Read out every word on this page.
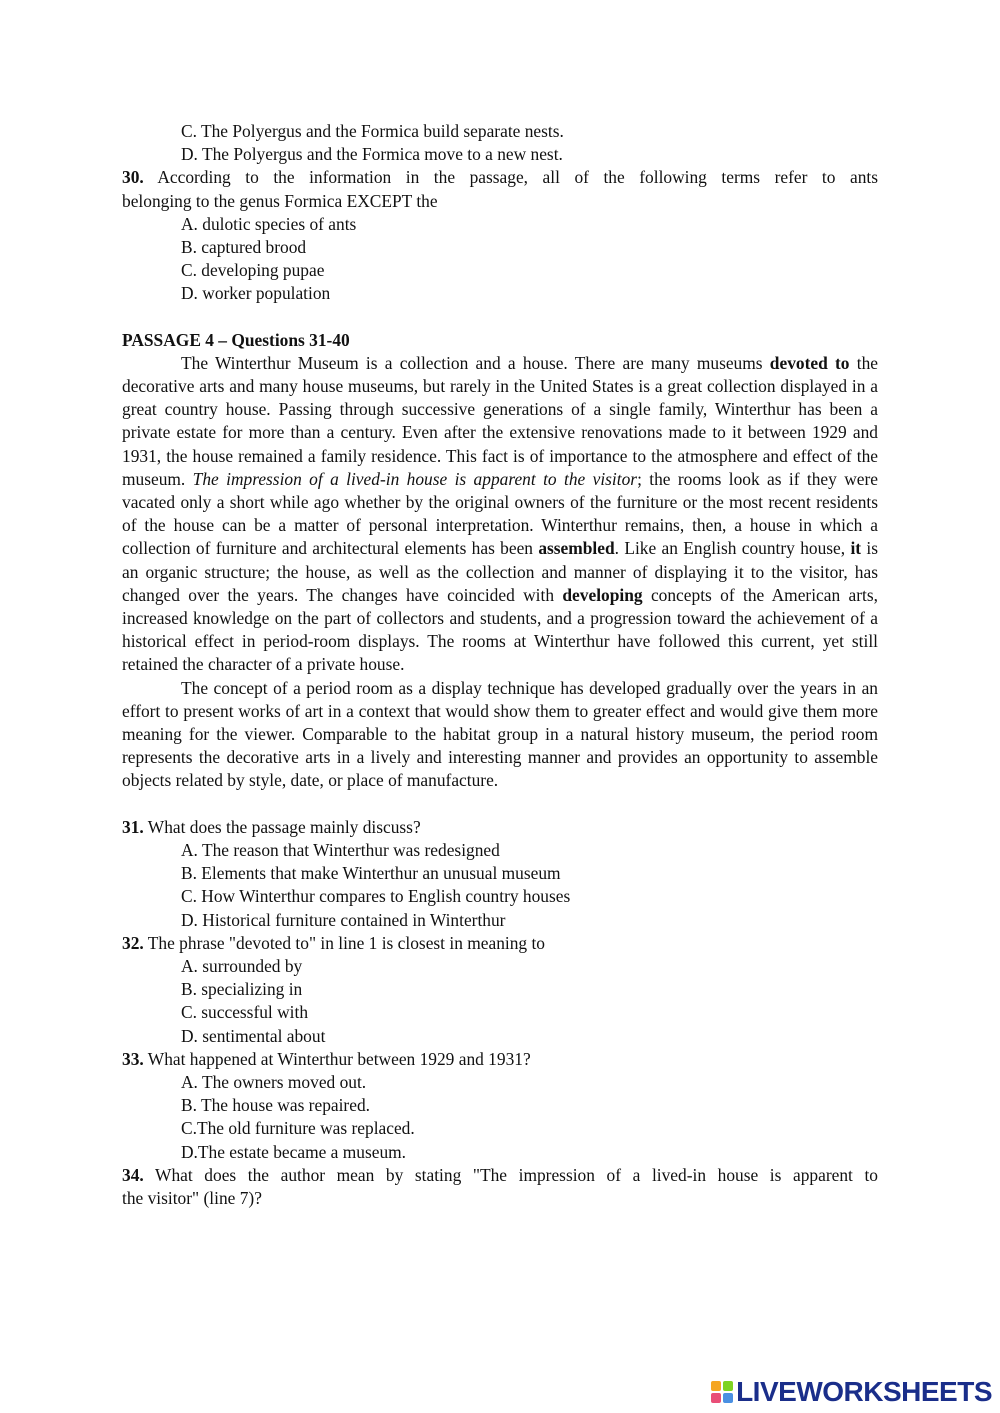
C. The Polyergus and the Formica build separate nests.
D. The Polyergus and the Formica move to a new nest.
30. According to the information in the passage, all of the following terms refer to ants
belonging to the genus Formica EXCEPT the
A. dulotic species of ants
B. captured brood
C. developing pupae
D. worker population
PASSAGE 4 – Questions 31-40
The Winterthur Museum is a collection and a house. There are many museums devoted to the decorative arts and many house museums, but rarely in the United States is a great collection displayed in a great country house. Passing through successive generations of a single family, Winterthur has been a private estate for more than a century. Even after the extensive renovations made to it between 1929 and 1931, the house remained a family residence. This fact is of importance to the atmosphere and effect of the museum. The impression of a lived-in house is apparent to the visitor; the rooms look as if they were vacated only a short while ago whether by the original owners of the furniture or the most recent residents of the house can be a matter of personal interpretation. Winterthur remains, then, a house in which a collection of furniture and architectural elements has been assembled. Like an English country house, it is an organic structure; the house, as well as the collection and manner of displaying it to the visitor, has changed over the years. The changes have coincided with developing concepts of the American arts, increased knowledge on the part of collectors and students, and a progression toward the achievement of a historical effect in period-room displays. The rooms at Winterthur have followed this current, yet still retained the character of a private house.
The concept of a period room as a display technique has developed gradually over the years in an effort to present works of art in a context that would show them to greater effect and would give them more meaning for the viewer. Comparable to the habitat group in a natural history museum, the period room represents the decorative arts in a lively and interesting manner and provides an opportunity to assemble objects related by style, date, or place of manufacture.
31. What does the passage mainly discuss?
A. The reason that Winterthur was redesigned
B. Elements that make Winterthur an unusual museum
C. How Winterthur compares to English country houses
D. Historical furniture contained in Winterthur
32. The phrase "devoted to" in line 1 is closest in meaning to
A. surrounded by
B. specializing in
C. successful with
D. sentimental about
33. What happened at Winterthur between 1929 and 1931?
A. The owners moved out.
B. The house was repaired.
C.The old furniture was replaced.
D.The estate became a museum.
34. What does the author mean by stating "The impression of a lived-in house is apparent to
the visitor" (line 7)?
LIVEWORKSHEETS
